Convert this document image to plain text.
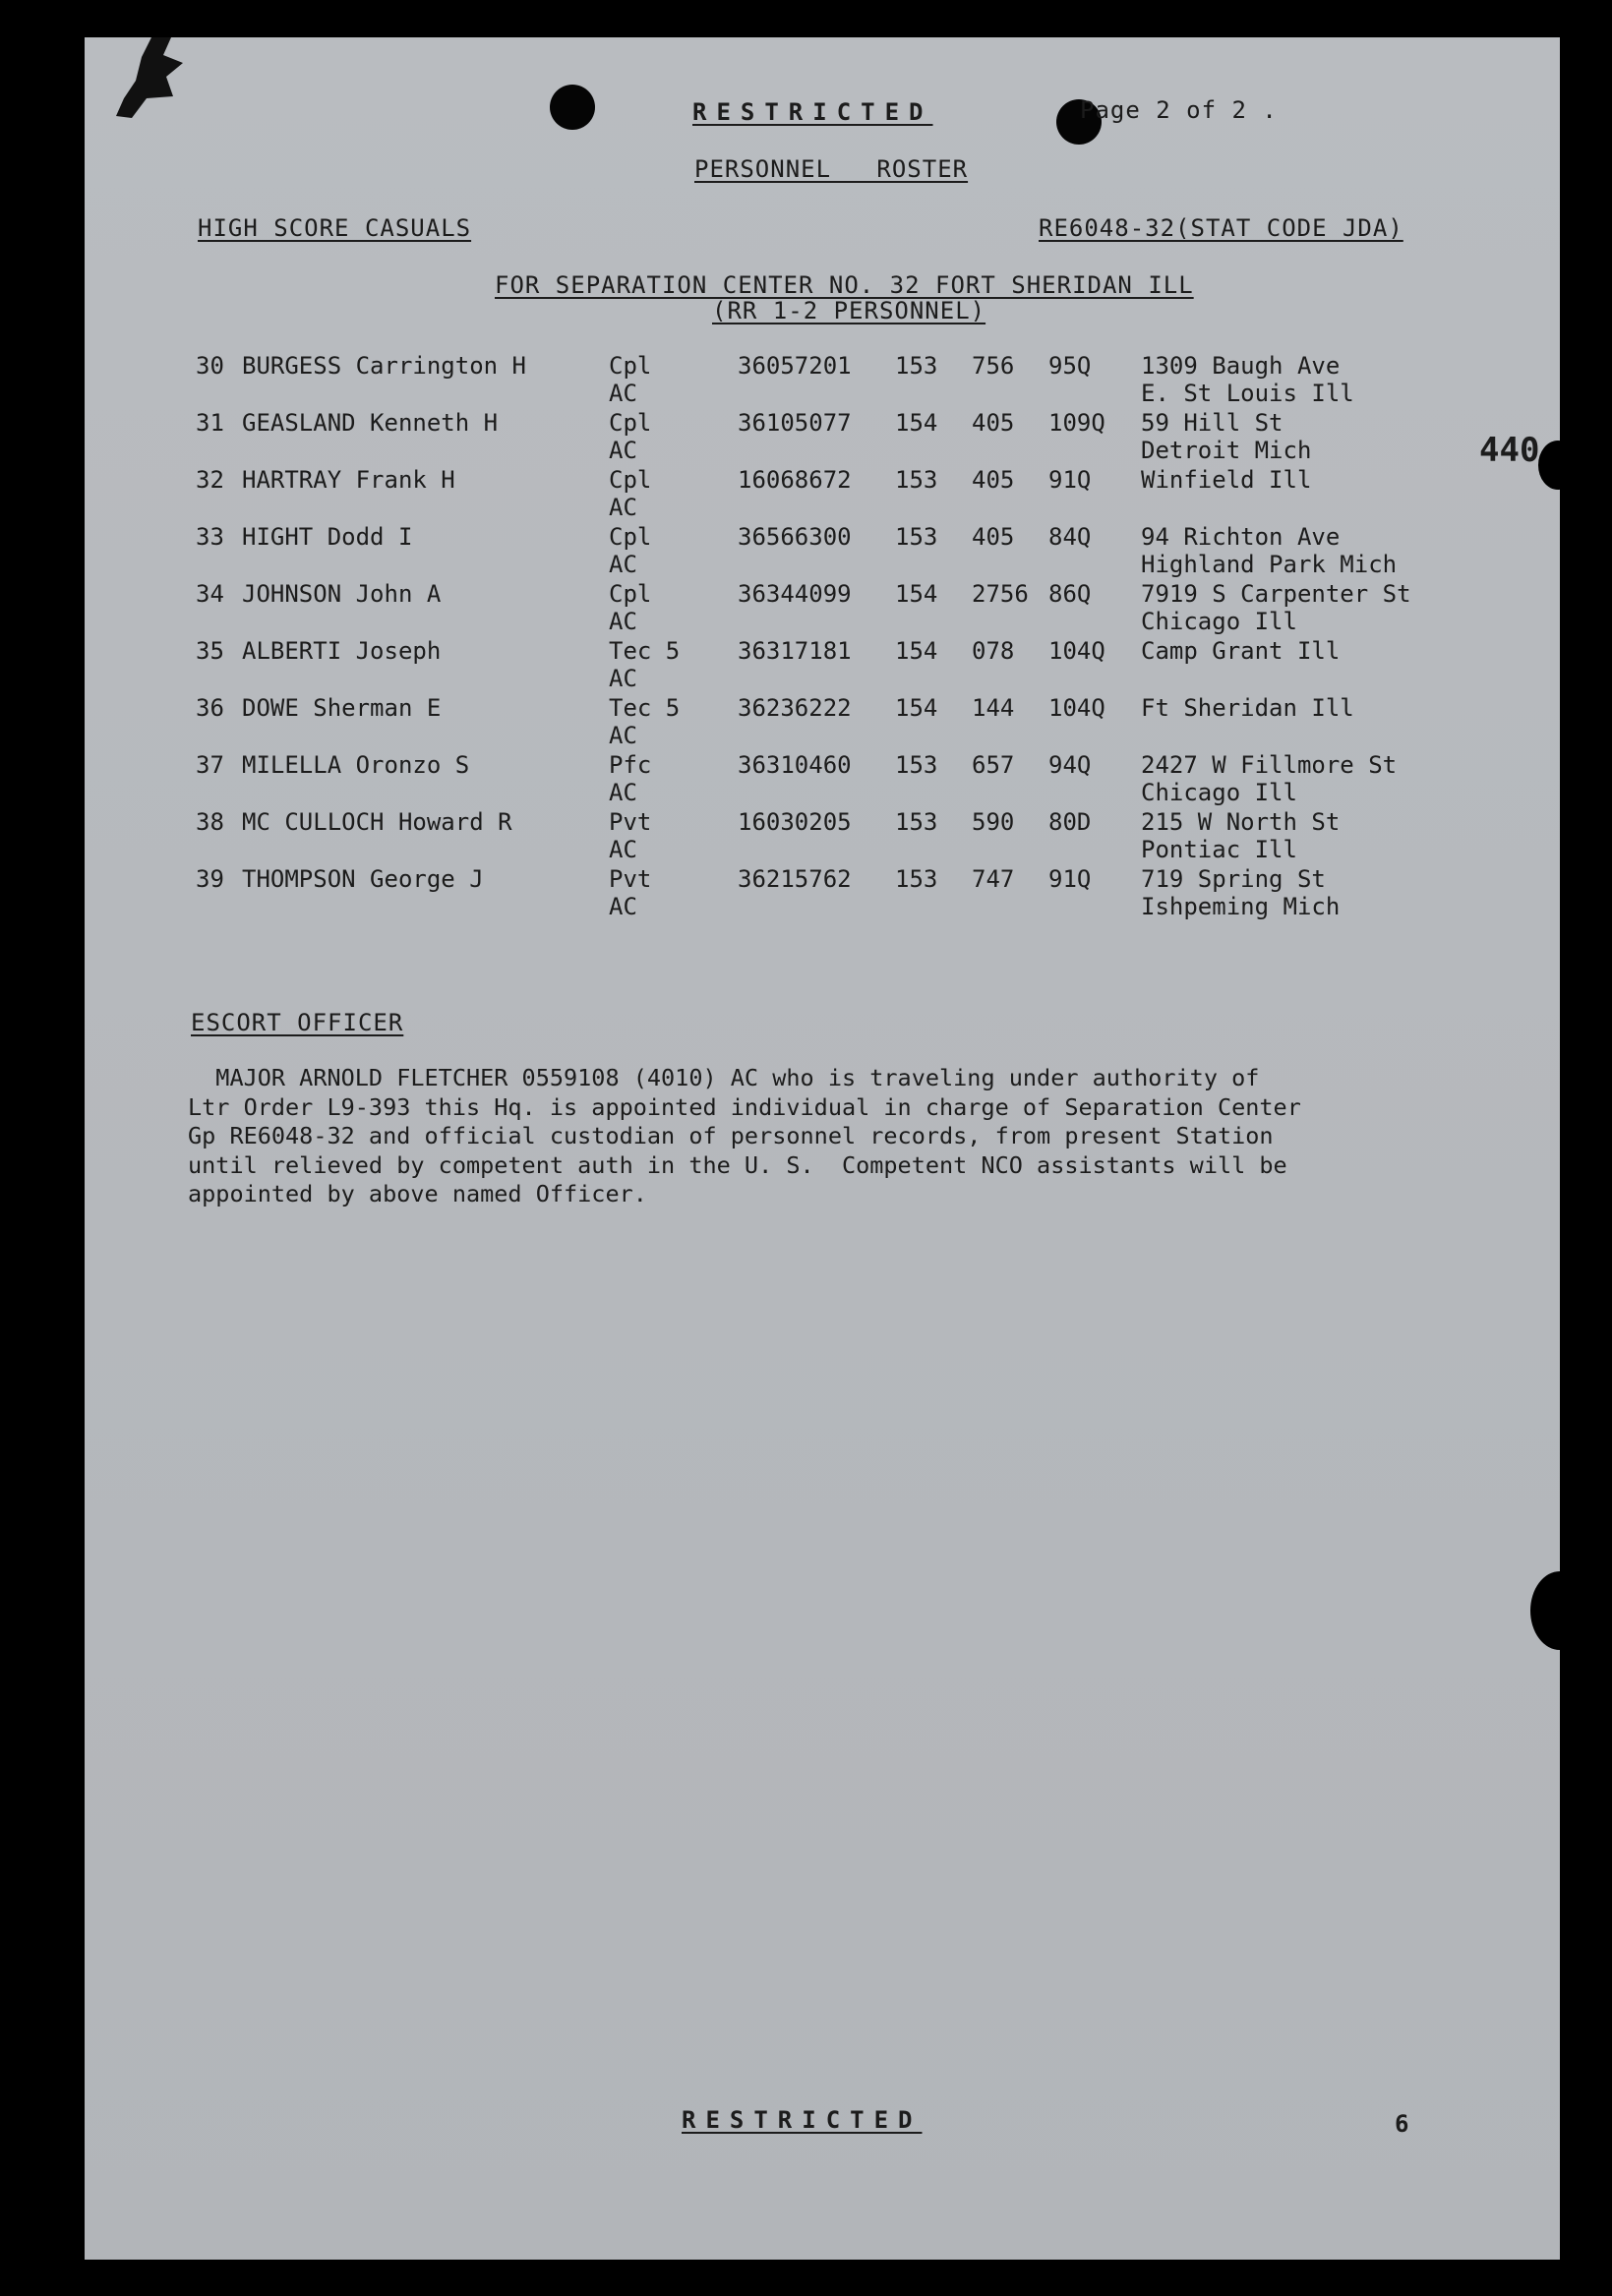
RESTRICTED	Page 2 of 2 .
PERSONNEL _ ROSTER
HIGH SCORE CASUALS	RE6048-32(STAT CODE JDA)
FOR SEPARATION CENTER NO. 32 FORT SHERIDAN ILL
(RR 1-2 PERSONNEL)
440
30 BURGESS Carrington H	Cpl	36057201 153 756 95Q 1309 Baugh Ave
AC	E. St Louis Ill
31 GEASLAND Kenneth H	Cpl	36105077 154 405 109Q 59 Hill St
AC	Detroit Mich
32 HARTRAY Frank H	Cpl	16068672 153 405 91Q Winfield Ill
AC
33 HIGHT Dodd I	Cpl	36566300 153 405 84Q 94 Richton Ave
AC	Highland Park Mich
34 JOHNSON John A	Cpl	36344099 154 2756 86Q 7919 S Carpenter St
Chicago Ill
AC
35 ALBERTI Joseph	Tec 5 36317181 154 078 104Q Camp Grant Ill
AC
36 DOWE Sherman E	Tec 5 36236222 154 144 104Q Ft Sheridan Ill
AC
37 MILELLA Oronzo S	Pfc	36310460 153 657 94Q 2427 W Fillmore St
AC	Chicago Ill
38 MC CULLOCH Howard R	Pvt	16030205 153 590 80D 215 W North St
AC	Pontiac Ill
39 THOMPSON George J	Pvt	36215762 153 747 91Q 719 Spring St
AC	Ishpeming Mich
ESCORT OFFICER
MAJOR ARNOLD FLETCHER 0559108 (4010) AC who is traveling under authority of
Ltr Order L9-393 this Hq. is appointed individual in charge of Separation Center
Gp RE6048-32 and official custodian of personnel records, from present Station
until relieved by competent auth in the U. S.  Competent NCO assistants will be
appointed by above named Officer.
RESTRICTED	6
